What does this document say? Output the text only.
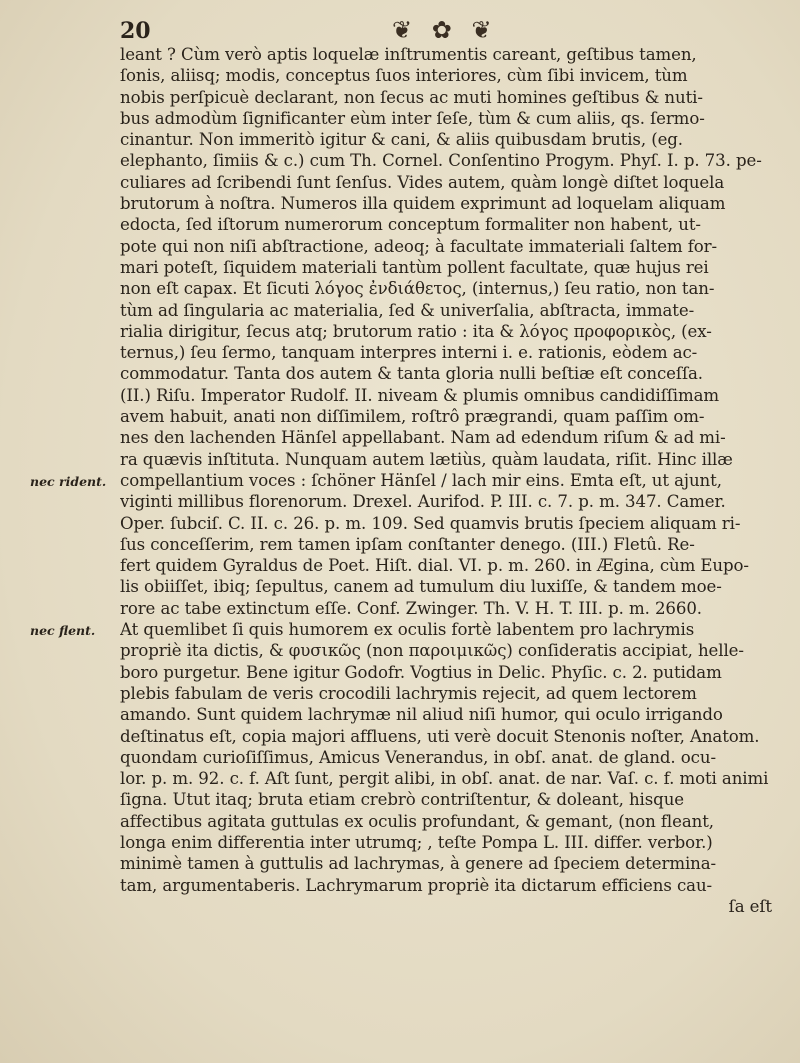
20	❦ ✿ ❦
nec rident.
nec flent.
leant ? Cùm verò aptis loquelæ inſtrumentis careant, geſtibus tamen,
ſonis, aliisq; modis, conceptus ſuos interiores, cùm ſibi invicem, tùm
nobis perſpicuè declarant, non ſecus ac muti homines geſtibus & nuti-
bus admodùm ſignificanter eùm inter ſeſe, tùm & cum aliis, qs. ſermo-
cinantur. Non immeritò igitur & cani, & aliis quibusdam brutis, (eg.
elephanto, ſimiis & c.) cum Th. Cornel. Conſentino Progym. Phyſ. I. p. 73. pe-
culiares ad ſcribendi ſunt ſenſus. Vides autem, quàm longè diſtet loquela
brutorum à noſtra. Numeros illa quidem exprimunt ad loquelam aliquam
edocta, ſed iſtorum numerorum conceptum formaliter non habent, ut-
pote qui non niſi abſtractione, adeoq; à facultate immateriali ſaltem for-
mari poteſt, ſiquidem materiali tantùm pollent facultate, quæ hujus rei
non eſt capax. Et ſicuti λόγος ἐνδιάθετος, (internus,) ſeu ratio, non tan-
tùm ad ſingularia ac materialia, ſed & univerſalia, abſtracta, immate-
rialia dirigitur, ſecus atq; brutorum ratio : ita & λόγος προφορικὸς, (ex-
ternus,) ſeu ſermo, tanquam interpres interni i. e. rationis, eòdem ac-
commodatur. Tanta dos autem & tanta gloria nulli beſtiæ eſt conceſſa.
(II.) Riſu. Imperator Rudolf. II. niveam & plumis omnibus candidiſſimam
avem habuit, anati non diſſimilem, roſtrô prægrandi, quam paſſim om-
nes den lachenden Hänſel appellabant. Nam ad edendum riſum & ad mi-
ra quævis inſtituta. Nunquam autem lætiùs, quàm laudata, riſit. Hinc illæ
compellantium voces : ſchöner Hänſel / lach mir eins. Emta eſt, ut ajunt,
viginti millibus florenorum. Drexel. Aurifod. P. III. c. 7. p. m. 347. Camer.
Oper. ſubciſ. C. II. c. 26. p. m. 109. Sed quamvis brutis ſpeciem aliquam ri-
ſus conceſſerim, rem tamen ipſam conſtanter denego. (III.) Fletû. Re-
fert quidem Gyraldus de Poet. Hiſt. dial. VI. p. m. 260. in Ægina, cùm Eupo-
lis obiiſſet, ibiq; ſepultus, canem ad tumulum diu luxiſſe, & tandem moe-
rore ac tabe extinctum eſſe. Conf. Zwinger. Th. V. H. T. III. p. m. 2660.
At quemlibet ſi quis humorem ex oculis fortè labentem pro lachrymis
propriè ita dictis, & φυσικῶς (non παροιμικῶς) conſideratis accipiat, helle-
boro purgetur. Bene igitur Godofr. Vogtius in Delic. Phyſic. c. 2. putidam
plebis fabulam de veris crocodili lachrymis rejecit, ad quem lectorem
amando. Sunt quidem lachrymæ nil aliud niſi humor, qui oculo irrigando
deſtinatus eſt, copia majori affluens, uti verè docuit Stenonis noſter, Anatom.
quondam curioſiſſimus, Amicus Venerandus, in obſ. anat. de gland. ocu-
lor. p. m. 92. c. f. Aſt ſunt, pergit alibi, in obſ. anat. de nar. Vaſ. c. f. moti animi
ſigna. Utut itaq; bruta etiam crebrò contriſtentur, & doleant, hisque
affectibus agitata guttulas ex oculis profundant, & gemant, (non fleant,
longa enim differentia inter utrumq; , teſte Pompa L. III. differ. verbor.)
minimè tamen à guttulis ad lachrymas, à genere ad ſpeciem determina-
tam, argumentaberis. Lachrymarum propriè ita dictarum efficiens cau-
ſa eſt
